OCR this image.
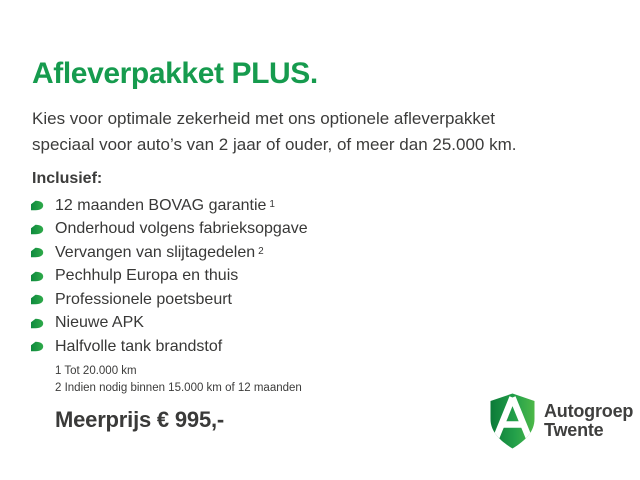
Afleverpakket PLUS.

Kies voor optimale zekerheid met ons optionele afleverpakket
speciaal voor auto’s van 2 jaar of ouder, of meer dan 25.000 km.

Inclusief:
12 maanden BOVAG garantie $^1$
Onderhoud volgens fabrieksopgave
Vervangen van slijtagedelen $^2$
Pechhulp Europa en thuis
Professionele poetsbeurt
Nieuwe APK
Halfvolle tank brandstof
1 Tot 20.000 km
2 Indien nodig binnen 15.000 km of 12 maanden
Meerprijs € 995,-	Autogroep
Twente
